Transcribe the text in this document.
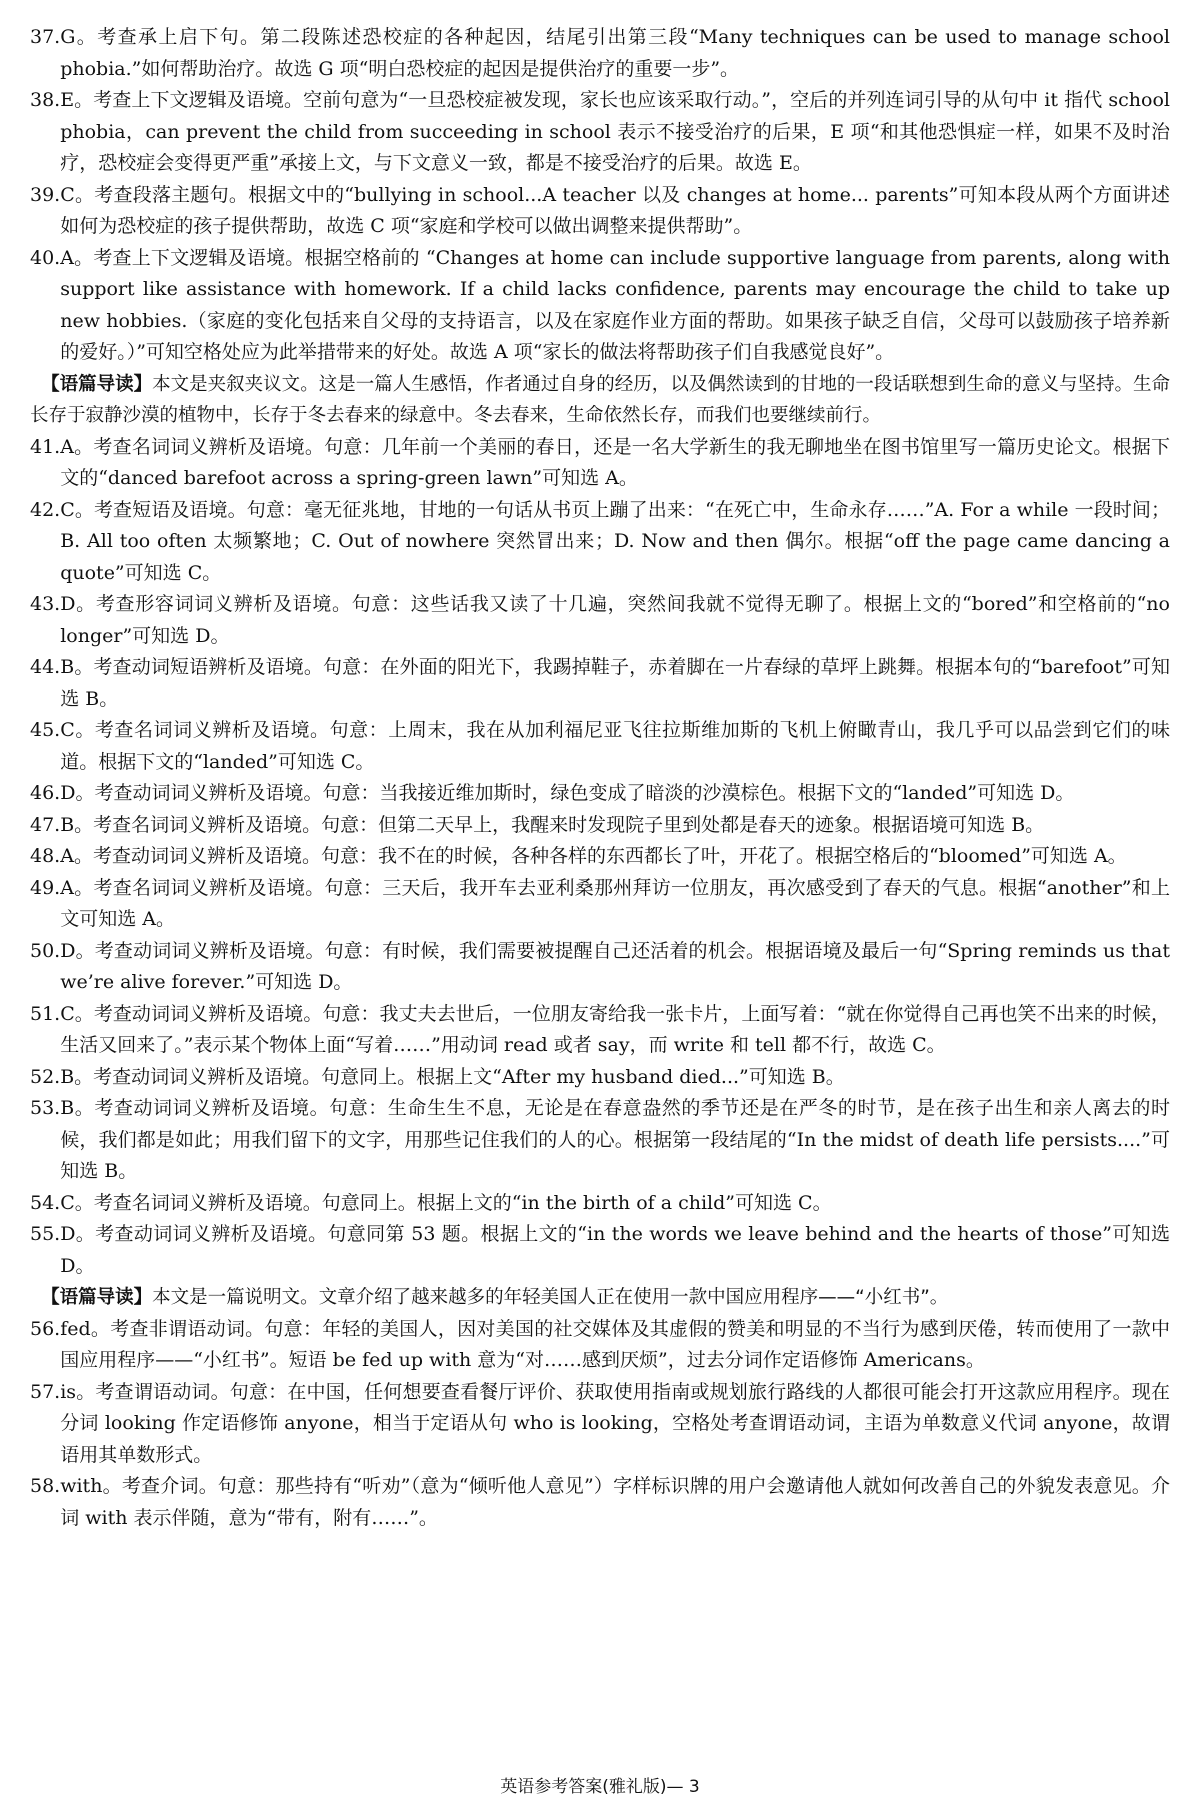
37. G。考查承上启下句。第二段陈述恐校症的各种起因，结尾引出第三段“Many techniques can be used to manage school phobia.”如何帮助治疗。故选 G 项“明白恐校症的起因是提供治疗的重要一步”。
38. E。考查上下文逻辑及语境。空前句意为“一旦恐校症被发现，家长也应该采取行动。”，空后的并列连词引导的从句中 it 指代 school phobia，can prevent the child from succeeding in school 表示不接受治疗的后果，E 项“和其他恐惧症一样，如果不及时治疗，恐校症会变得更严重”承接上文，与下文意义一致，都是不接受治疗的后果。故选 E。
39. C。考查段落主题句。根据文中的“bullying in school...A teacher 以及 changes at home... parents”可知本段从两个方面讲述如何为恐校症的孩子提供帮助，故选 C 项“家庭和学校可以做出调整来提供帮助”。
40. A。考查上下文逻辑及语境。根据空格前的 “Changes at home can include supportive language from parents, along with support like assistance with homework. If a child lacks confidence, parents may encourage the child to take up new hobbies.（家庭的变化包括来自父母的支持语言，以及在家庭作业方面的帮助。如果孩子缺乏自信，父母可以鼓励孩子培养新的爱好。）”可知空格处应为此举措带来的好处。故选 A 项“家长的做法将帮助孩子们自我感觉良好”。
【语篇导读】本文是夹叙夹议文。这是一篇人生感悟，作者通过自身的经历，以及偶然读到的甘地的一段话联想到生命的意义与坚持。生命长存于寂静沙漠的植物中，长存于冬去春来的绿意中。冬去春来，生命依然长存，而我们也要继续前行。
41. A。考查名词词义辨析及语境。句意：几年前一个美丽的春日，还是一名大学新生的我无聊地坐在图书馆里写一篇历史论文。根据下文的“danced barefoot across a spring-green lawn”可知选 A。
42. C。考查短语及语境。句意：毫无征兆地，甘地的一句话从书页上蹦了出来：“在死亡中，生命永存……”A. For a while 一段时间；B. All too often 太频繁地；C. Out of nowhere 突然冒出来；D. Now and then 偶尔。根据“off the page came dancing a quote”可知选 C。
43. D。考查形容词词义辨析及语境。句意：这些话我又读了十几遍，突然间我就不觉得无聊了。根据上文的“bored”和空格前的“no longer”可知选 D。
44. B。考查动词短语辨析及语境。句意：在外面的阳光下，我踢掉鞋子，赤着脚在一片春绿的草坪上跳舞。根据本句的“barefoot”可知选 B。
45. C。考查名词词义辨析及语境。句意：上周末，我在从加利福尼亚飞往拉斯维加斯的飞机上俯瞰青山，我几乎可以品尝到它们的味道。根据下文的“landed”可知选 C。
46. D。考查动词词义辨析及语境。句意：当我接近维加斯时，绿色变成了暗淡的沙漠棕色。根据下文的“landed”可知选 D。
47. B。考查名词词义辨析及语境。句意：但第二天早上，我醒来时发现院子里到处都是春天的迹象。根据语境可知选 B。
48. A。考查动词词义辨析及语境。句意：我不在的时候，各种各样的东西都长了叶，开花了。根据空格后的“bloomed”可知选 A。
49. A。考查名词词义辨析及语境。句意：三天后，我开车去亚利桑那州拜访一位朋友，再次感受到了春天的气息。根据“another”和上文可知选 A。
50. D。考查动词词义辨析及语境。句意：有时候，我们需要被提醒自己还活着的机会。根据语境及最后一句“Spring reminds us that we’re alive forever.”可知选 D。
51. C。考查动词词义辨析及语境。句意：我丈夫去世后，一位朋友寄给我一张卡片，上面写着：“就在你觉得自己再也笑不出来的时候，生活又回来了。”表示某个物体上面“写着……”用动词 read 或者 say，而 write 和 tell 都不行，故选 C。
52. B。考查动词词义辨析及语境。句意同上。根据上文“After my husband died...”可知选 B。
53. B。考查动词词义辨析及语境。句意：生命生生不息，无论是在春意盎然的季节还是在严冬的时节，是在孩子出生和亲人离去的时候，我们都是如此；用我们留下的文字，用那些记住我们的人的心。根据第一段结尾的“In the midst of death life persists....”可知选 B。
54. C。考查名词词义辨析及语境。句意同上。根据上文的“in the birth of a child”可知选 C。
55. D。考查动词词义辨析及语境。句意同第 53 题。根据上文的“in the words we leave behind and the hearts of those”可知选 D。
【语篇导读】本文是一篇说明文。文章介绍了越来越多的年轻美国人正在使用一款中国应用程序——“小红书”。
56. fed。考查非谓语动词。句意：年轻的美国人，因对美国的社交媒体及其虚假的赞美和明显的不当行为感到厌倦，转而使用了一款中国应用程序——“小红书”。短语 be fed up with 意为“对……感到厌烦”，过去分词作定语修饰 Americans。
57. is。考查谓语动词。句意：在中国，任何想要查看餐厅评价、获取使用指南或规划旅行路线的人都很可能会打开这款应用程序。现在分词 looking 作定语修饰 anyone，相当于定语从句 who is looking，空格处考查谓语动词，主语为单数意义代词 anyone，故谓语用其单数形式。
58. with。考查介词。句意：那些持有“听劝”（意为“倾听他人意见”）字样标识牌的用户会邀请他人就如何改善自己的外貌发表意见。介词 with 表示伴随，意为“带有，附有……”。
英语参考答案(雅礼版)— 3
